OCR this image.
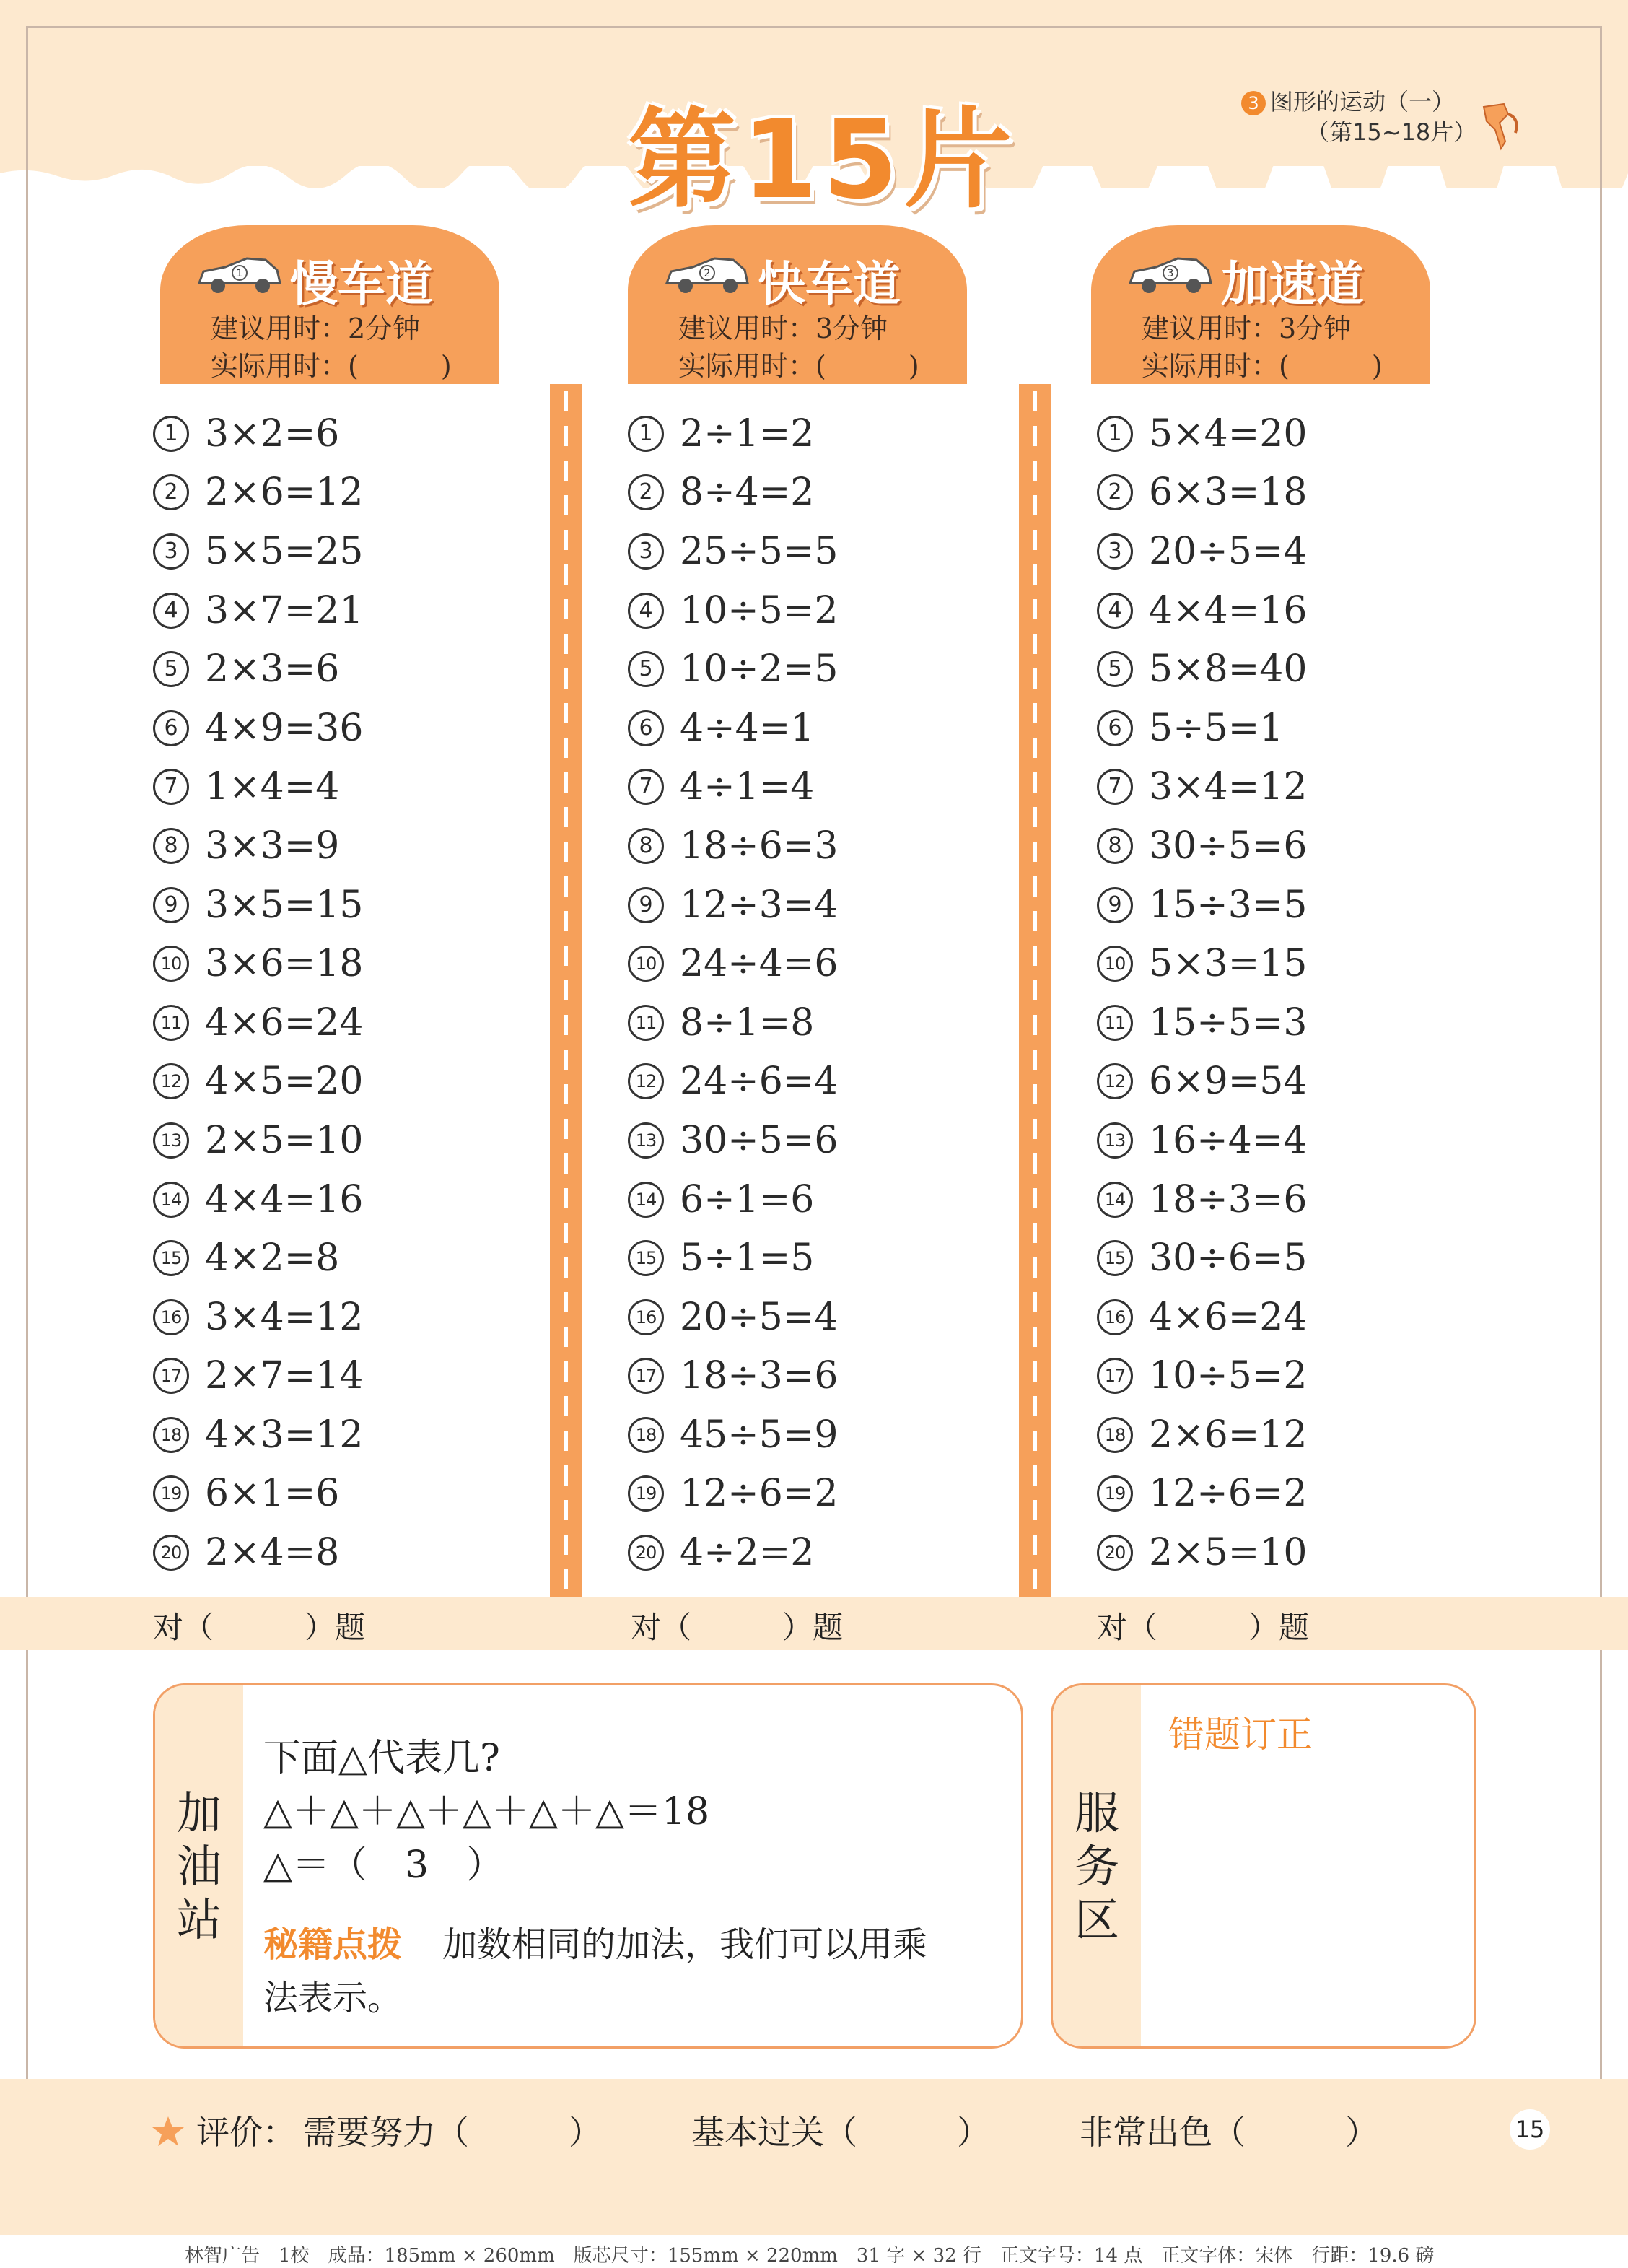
第15片	3 图形的运动（一）
（第15~18片）
1 慢车道
建议用时：2分钟
实际用时：(　　　)
2 快车道
建议用时：3分钟
实际用时：(　　　)
3 加速道
建议用时：3分钟
实际用时：(　　　)
1 3×2=6
2 2×6=12
3 5×5=25
4 3×7=21
5 2×3=6
6 4×9=36
7 1×4=4
8 3×3=9
9 3×5=15
10 3×6=18
11 4×6=24
12 4×5=20
13 2×5=10
14 4×4=16
15 4×2=8
16 3×4=12
17 2×7=14
18 4×3=12
19 6×1=6
20 2×4=8
1 2÷1=2
2 8÷4=2
3 25÷5=5
4 10÷5=2
5 10÷2=5
6 4÷4=1
7 4÷1=4
8 18÷6=3
9 12÷3=4
10 24÷4=6
11 8÷1=8
12 24÷6=4
13 30÷5=6
14 6÷1=6
15 5÷1=5
16 20÷5=4
17 18÷3=6
18 45÷5=9
19 12÷6=2
20 4÷2=2
1 5×4=20
2 6×3=18
3 20÷5=4
4 4×4=16
5 5×8=40
6 5÷5=1
7 3×4=12
8 30÷5=6
9 15÷3=5
10 5×3=15
11 15÷5=3
12 6×9=54
13 16÷4=4
14 18÷3=6
15 30÷6=5
16 4×6=24
17 10÷5=2
18 2×6=12
19 12÷6=2
20 2×5=10
对（　　　）题	对（　　　）题	对（　　　）题
加油站
下面△代表几?
△＋△＋△＋△＋△＋△＝18
△＝（　3　）
秘籍点拨 加数相同的加法，我们可以用乘
法表示。
服务区
错题订正
评价： 需要努力（　　　）	基本过关（　　　）	非常出色（　　　）	15
林智广告　1校　成品：185mm × 260mm　版芯尺寸：155mm × 220mm　31 字 × 32 行　正文字号：14 点　正文字体：宋体　行距：19.6 磅
